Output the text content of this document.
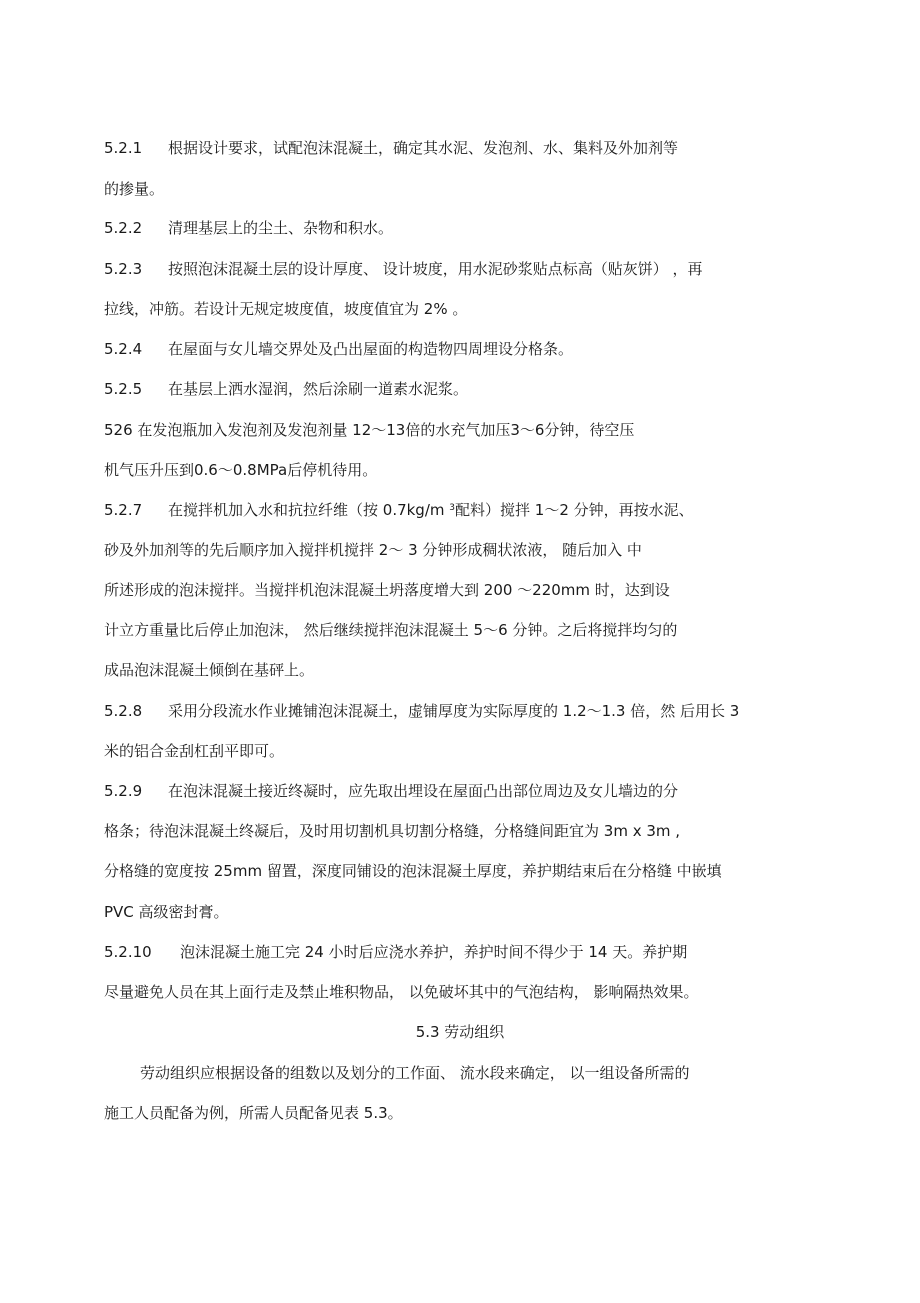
5.2.1 根据设计要求，试配泡沫混凝土，确定其水泥、发泡剂、水、集料及外加剂等

的掺量。

5.2.2 清理基层上的尘土、杂物和积水。

5.2.3 按照泡沫混凝土层的设计厚度、 设计坡度，用水泥砂浆贴点标高（贴灰饼） ，再

拉线，冲筋。若设计无规定坡度值，坡度值宜为 2% 。

5.2.4 在屋面与女儿墙交界处及凸出屋面的构造物四周埋设分格条。

5.2.5 在基层上洒水湿润，然后涂刷一道素水泥浆。

526 在发泡瓶加入发泡剂及发泡剂量 12～13倍的水充气加压3～6分钟，待空压

机气压升压到0.6～0.8MPa后停机待用。

5.2.7 在搅拌机加入水和抗拉纤维（按 0.7kg/m $^3$配料）搅拌 1～2 分钟，再按水泥、

砂及外加剂等的先后顺序加入搅拌机搅拌 2～ 3 分钟形成稠状浓液， 随后加入 中

所述形成的泡沫搅拌。当搅拌机泡沫混凝土坍落度增大到 200 ～220mm 时，达到设

计立方重量比后停止加泡沫， 然后继续搅拌泡沫混凝土 5～6 分钟。之后将搅拌均匀的

成品泡沫混凝土倾倒在基砰上。

5.2.8 采用分段流水作业摊铺泡沫混凝土，虚铺厚度为实际厚度的 1.2～1.3 倍，然 后用长 3

米的铝合金刮杠刮平即可。

5.2.9 在泡沫混凝土接近终凝时，应先取出埋设在屋面凸出部位周边及女儿墙边的分

格条；待泡沫混凝土终凝后，及时用切割机具切割分格缝，分格缝间距宜为 3m x 3m ,

分格缝的宽度按 25mm 留置，深度同铺设的泡沫混凝土厚度，养护期结束后在分格缝 中嵌填

PVC 高级密封膏。

5.2.10 泡沫混凝土施工完 24 小时后应浇水养护，养护时间不得少于 14 天。养护期

尽量避免人员在其上面行走及禁止堆积物品， 以免破坏其中的气泡结构， 影响隔热效果。

5.3 劳动组织

劳动组织应根据设备的组数以及划分的工作面、 流水段来确定， 以一组设备所需的

施工人员配备为例，所需人员配备见表 5.3。
